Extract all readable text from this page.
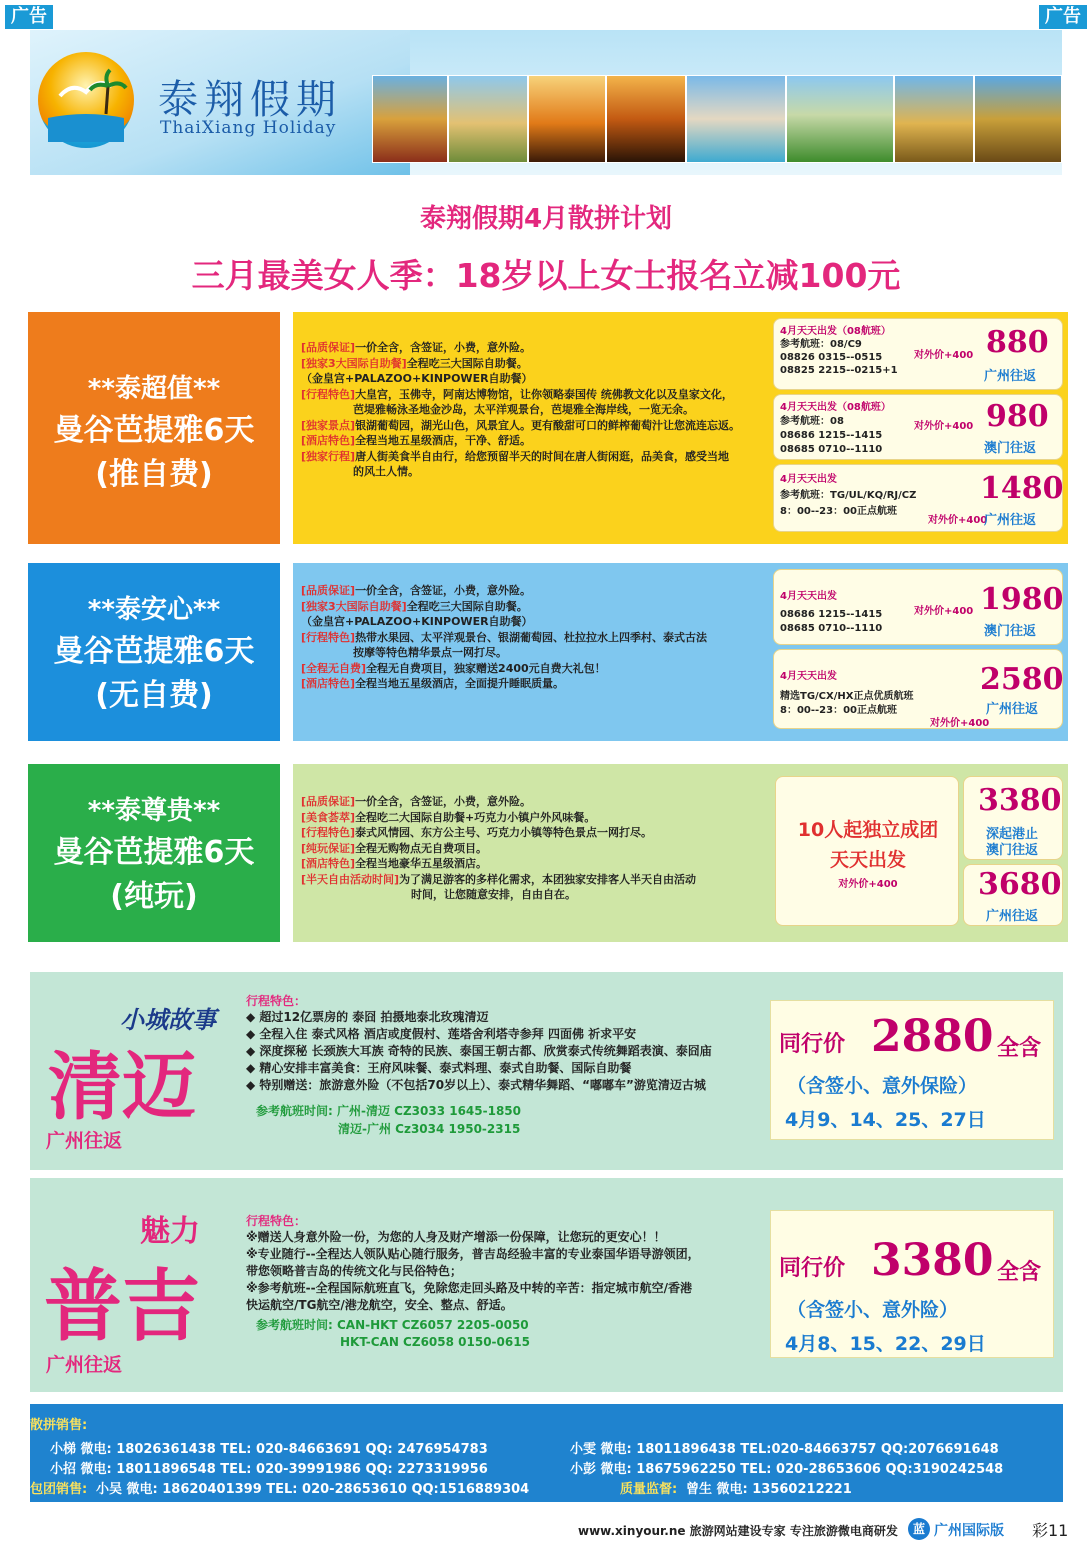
广告	广告
泰翔假期
ThaiXiang Holiday
泰翔假期4月散拼计划
三月最美女人季：18岁以上女士报名立减100元
**泰超值**
曼谷芭提雅6天
(推自费)
[品质保证]一价全含，含签证，小费，意外险。
[独家3大国际自助餐]全程吃三大国际自助餐。
（金皇宫+PALAZOO+KINPOWER自助餐）
[行程特色]大皇宫，玉佛寺，阿南达博物馆，让你领略泰国传 统佛教文化以及皇家文化，
芭堤雅畅泳圣地金沙岛，太平洋观景台，芭堤雅全海岸线，一览无余。
[独家景点]银湖葡萄园，湖光山色，风景宜人。更有酸甜可口的鲜榨葡萄汁让您流连忘返。
[酒店特色]全程当地五星级酒店，干净、舒适。
[独家行程]唐人街美食半自由行，给您预留半天的时间在唐人街闲逛，品美食，感受当地
的风土人情。
4月天天出发（08航班）
参考航班：08/C9
08826 0315--0515
08825 2215--0215+1
对外价+400 880
广州往返
4月天天出发（08航班）
参考航班：08
08686 1215--1415
08685 0710--1110
对外价+400 980
澳门往返
4月天天出发
参考航班：TG/UL/KQ/RJ/CZ
8：00--23：00正点航班
对外价+400
1480
广州往返
**泰安心**
曼谷芭提雅6天
(无自费)
[品质保证]一价全含，含签证，小费，意外险。
[独家3大国际自助餐]全程吃三大国际自助餐。
（金皇宫+PALAZOO+KINPOWER自助餐）
[行程特色]热带水果园、太平洋观景台、银湖葡萄园、杜拉拉水上四季村、泰式古法
按摩等特色精华景点一网打尽。
[全程无自费]全程无自费项目，独家赠送2400元自费大礼包！
[酒店特色]全程当地五星级酒店，全面提升睡眠质量。
4月天天出发
08686 1215--1415
08685 0710--1110
对外价+400 1980
澳门往返
4月天天出发
精选TG/CX/HX正点优质航班
8：00--23：00正点航班
对外价+400
2580
广州往返
**泰尊贵**
曼谷芭提雅6天
(纯玩)
[品质保证]一价全含，含签证，小费，意外险。
[美食荟萃]全程吃二大国际自助餐+巧克力小镇户外风味餐。
[行程特色]泰式风情园、东方公主号、巧克力小镇等特色景点一网打尽。
[纯玩保证]全程无购物点无自费项目。
[酒店特色]全程当地豪华五星级酒店。
[半天自由活动时间]为了满足游客的多样化需求，本团独家安排客人半天自由活动
时间，让您随意安排，自由自在。
10人起独立成团
天天出发
对外价+400
3380
深起港止
澳门往返
3680
广州往返
小城故事
清迈
广州往返
行程特色：
◆ 超过12亿票房的 泰囧 拍摄地泰北玫瑰清迈
◆ 全程入住 泰式风格 酒店或度假村、莲塔舍利塔寺参拜 四面佛 祈求平安
◆ 深度探秘 长颈族大耳族 奇特的民族、泰国王朝古都、欣赏泰式传统舞蹈表演、泰囧庙
◆ 精心安排丰富美食：王府风味餐、泰式料理、泰式自助餐、国际自助餐
◆ 特别赠送：旅游意外险（不包括70岁以上）、泰式精华舞蹈、“嘟嘟车”游览清迈古城
参考航班时间: 广州-清迈 CZ3033 1645-1850
清迈-广州 Cz3034 1950-2315
同行价 2880 全含
（含签小、意外保险）
4月9、14、25、27日
魅力
普吉
广州往返
行程特色：
※赠送人身意外险一份，为您的人身及财产增添一份保障，让您玩的更安心！！
※专业随行--全程达人领队贴心随行服务，普吉岛经验丰富的专业泰国华语导游领团，
带您领略普吉岛的传统文化与民俗特色；
※参考航班--全程国际航班直飞，免除您走回头路及中转的辛苦：指定城市航空/香港
快运航空/TG航空/港龙航空，安全、整点、舒适。
参考航班时间: CAN-HKT CZ6057 2205-0050
HKT-CAN CZ6058 0150-0615
同行价 3380 全含
（含签小、意外险）
4月8、15、22、29日
散拼销售:
小梯 微电: 18026361438 TEL: 020-84663691 QQ: 2476954783	小雯 微电: 18011896438 TEL:020-84663757 QQ:2076691648
小招 微电: 18011896548 TEL: 020-39991986 QQ: 2273319956	小彭 微电: 18675962250 TEL: 020-28653606 QQ:3190242548
包团销售: 小吴 微电: 18620401399 TEL: 020-28653610 QQ:1516889304	质量监督: 曾生 微电: 13560212221
www.xinyour.ne 旅游网站建设专家 专注旅游微电商研发	蓝 广州国际版 彩11
